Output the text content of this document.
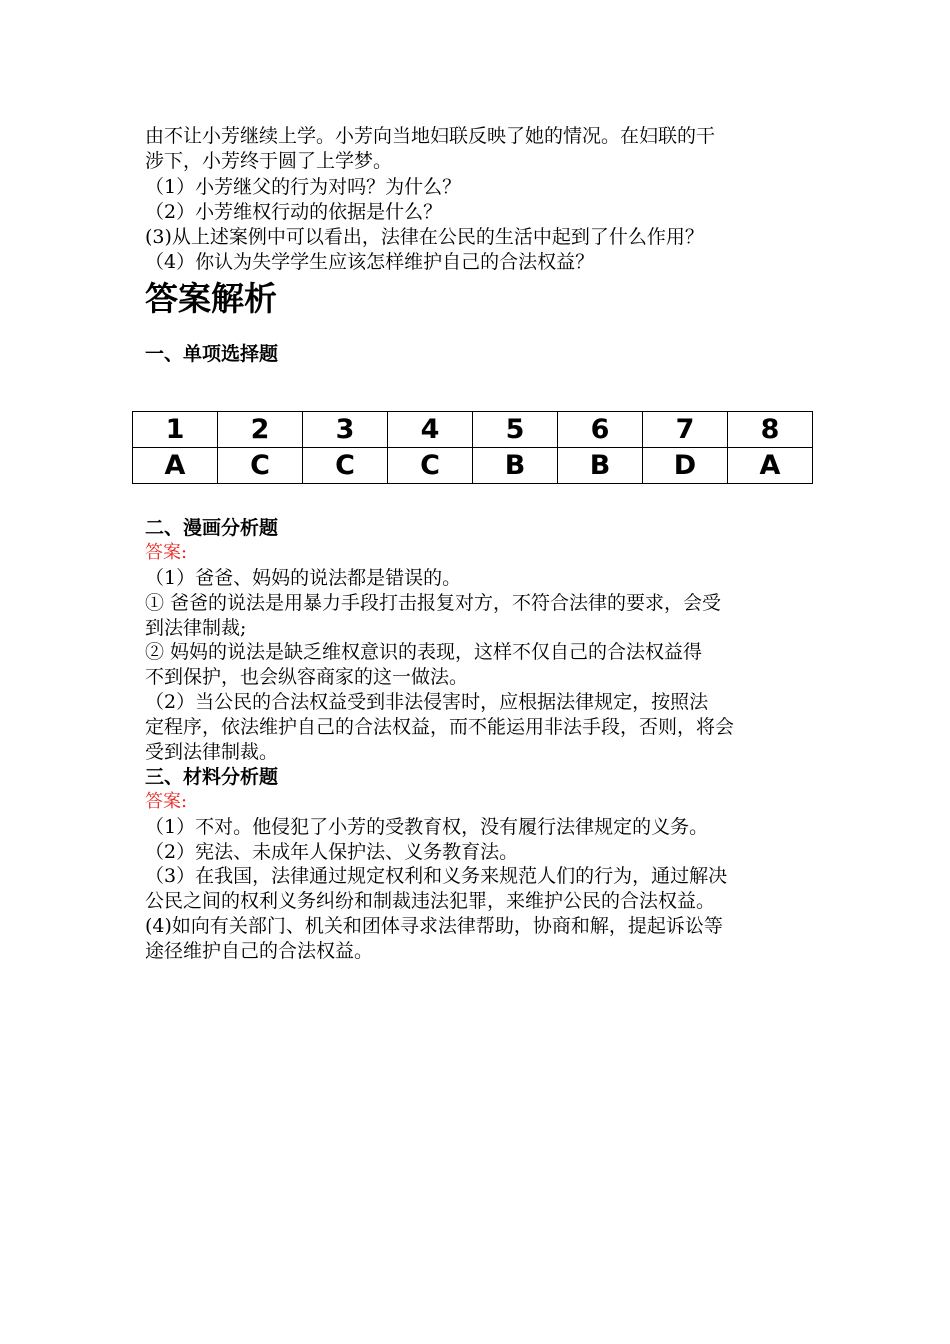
由不让小芳继续上学。小芳向当地妇联反映了她的情况。在妇联的干

涉下，小芳终于圆了上学梦。

（1）小芳继父的行为对吗？为什么？

（2）小芳维权行动的依据是什么？

(3)从上述案例中可以看出，法律在公民的生活中起到了什么作用？

（4）你认为失学学生应该怎样维护自己的合法权益？

答案解析
一、单项选择题
1	2	3	4	5	6	7	8
A	C	C	C	B	B	D	A
二、漫画分析题

答案:

（1）爸爸、妈妈的说法都是错误的。

① 爸爸的说法是用暴力手段打击报复对方，不符合法律的要求，会受

到法律制裁;

② 妈妈的说法是缺乏维权意识的表现，这样不仅自己的合法权益得

不到保护，也会纵容商家的这一做法。

（2）当公民的合法权益受到非法侵害时，应根据法律规定，按照法

定程序，依法维护自己的合法权益，而不能运用非法手段，否则，将会

受到法律制裁。

三、材料分析题

答案:

（1）不对。他侵犯了小芳的受教育权，没有履行法律规定的义务。

（2）宪法、未成年人保护法、义务教育法。

（3）在我国，法律通过规定权利和义务来规范人们的行为，通过解决

公民之间的权利义务纠纷和制裁违法犯罪，来维护公民的合法权益。

(4)如向有关部门、机关和团体寻求法律帮助，协商和解，提起诉讼等

途径维护自己的合法权益。
